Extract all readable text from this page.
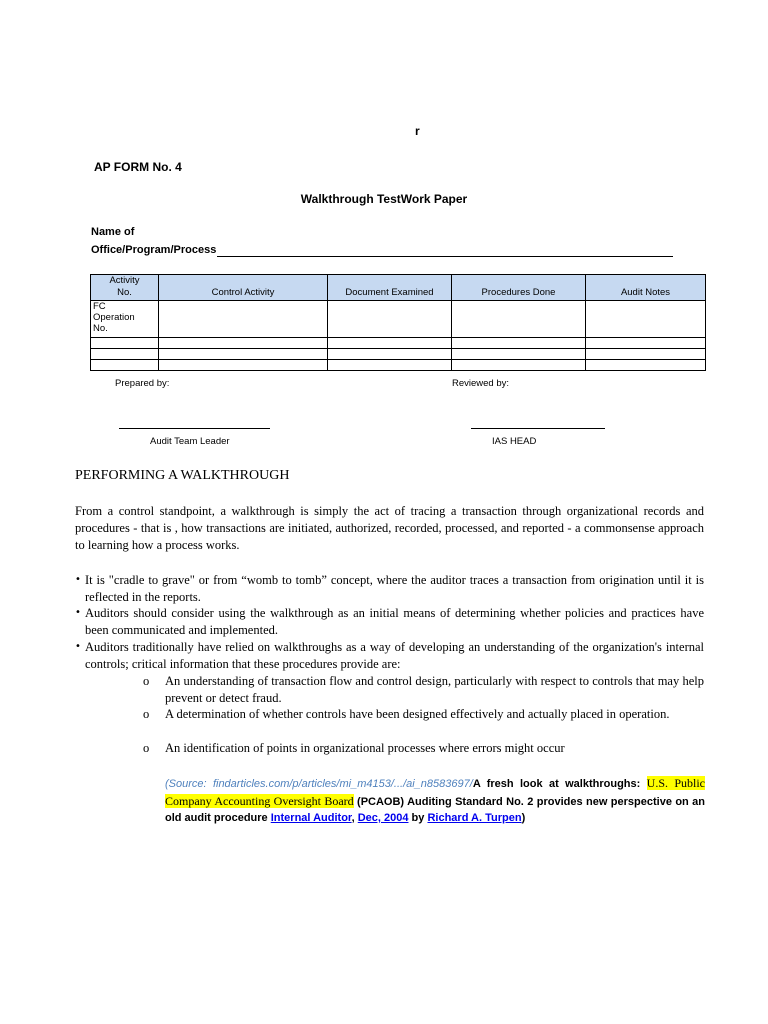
r
AP FORM No. 4
Walkthrough TestWork Paper
Name of
Office/Program/Process
Activity
No.	Control Activity	Document Examined	Procedures Done	Audit Notes
FC
Operation
No.				

Prepared by:	Reviewed by:
Audit Team Leader	IAS HEAD
PERFORMING A WALKTHROUGH
From a control standpoint, a walkthrough is simply the act of tracing a transaction through organizational records and procedures - that is , how transactions are initiated, authorized, recorded, processed, and reported - a commonsense approach to learning how a process works.
• It is "cradle to grave" or from “womb to tomb” concept, where the auditor traces a transaction from origination until it is reflected in the reports.
• Auditors should consider using the walkthrough as an initial means of determining whether policies and practices have been communicated and implemented.
• Auditors traditionally have relied on walkthroughs as a way of developing an understanding of the organization's internal controls; critical information that these procedures provide are:
o An understanding of transaction flow and control design, particularly with respect to controls that may help prevent or detect fraud.
o A determination of whether controls have been designed effectively and actually placed in operation.
o An identification of points in organizational processes where errors might occur
(Source: findarticles.com/p/articles/mi_m4153/.../ai_n8583697/A fresh look at walkthroughs: U.S. Public Company Accounting Oversight Board (PCAOB) Auditing Standard No. 2 provides new perspective on an old audit procedure Internal Auditor, Dec, 2004 by Richard A. Turpen)
